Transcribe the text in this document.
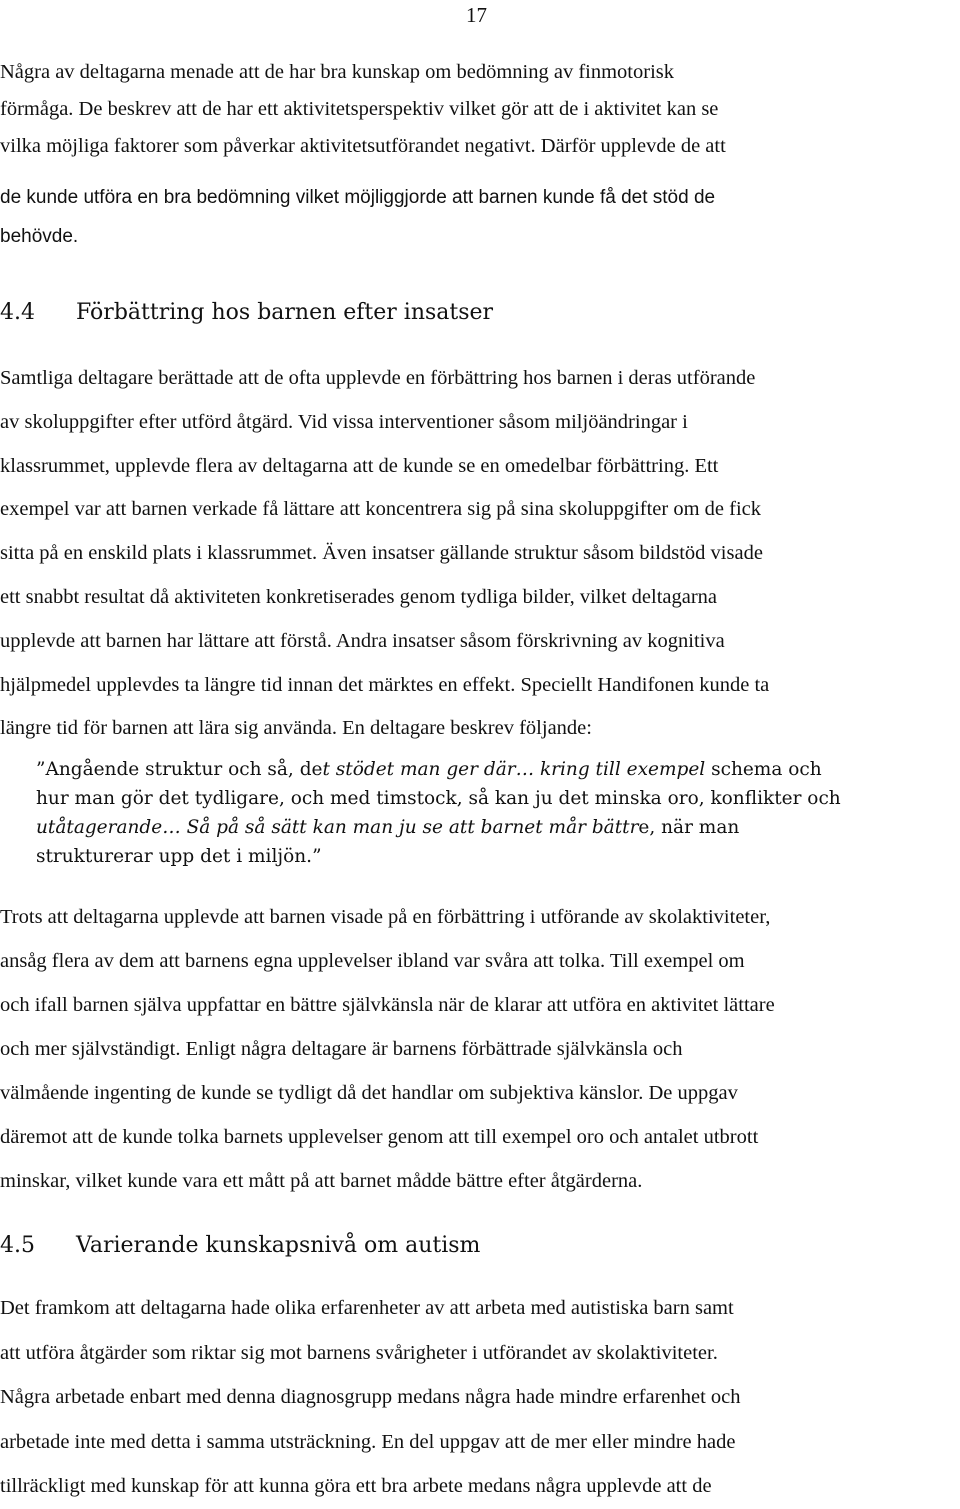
17

Några av deltagarna menade att de har bra kunskap om bedömning av finmotorisk
förmåga. De beskrev att de har ett aktivitetsperspektiv vilket gör att de i aktivitet kan se
vilka möjliga faktorer som påverkar aktivitetsutförandet negativt. Därför upplevde de att

de kunde utföra en bra bedömning vilket möjliggjorde att barnen kunde få det stöd de
behövde.

4.4 Förbättring hos barnen efter insatser

Samtliga deltagare berättade att de ofta upplevde en förbättring hos barnen i deras utförande
av skoluppgifter efter utförd åtgärd. Vid vissa interventioner såsom miljöändringar i
klassrummet, upplevde flera av deltagarna att de kunde se en omedelbar förbättring. Ett
exempel var att barnen verkade få lättare att koncentrera sig på sina skoluppgifter om de fick
sitta på en enskild plats i klassrummet. Även insatser gällande struktur såsom bildstöd visade
ett snabbt resultat då aktiviteten konkretiserades genom tydliga bilder, vilket deltagarna
upplevde att barnen har lättare att förstå. Andra insatser såsom förskrivning av kognitiva
hjälpmedel upplevdes ta längre tid innan det märktes en effekt. Speciellt Handifonen kunde ta
längre tid för barnen att lära sig använda. En deltagare beskrev följande:

”Angående struktur och så, det stödet man ger där… kring till exempel schema och
hur man gör det tydligare, och med timstock, så kan ju det minska oro, konflikter och
utåtagerande… Så på så sätt kan man ju se att barnet mår bättre, när man
strukturerar upp det i miljön.”

Trots att deltagarna upplevde att barnen visade på en förbättring i utförande av skolaktiviteter,
ansåg flera av dem att barnens egna upplevelser ibland var svåra att tolka. Till exempel om
och ifall barnen själva uppfattar en bättre självkänsla när de klarar att utföra en aktivitet lättare
och mer självständigt. Enligt några deltagare är barnens förbättrade självkänsla och
välmående ingenting de kunde se tydligt då det handlar om subjektiva känslor. De uppgav
däremot att de kunde tolka barnets upplevelser genom att till exempel oro och antalet utbrott
minskar, vilket kunde vara ett mått på att barnet mådde bättre efter åtgärderna.

4.5 Varierande kunskapsnivå om autism

Det framkom att deltagarna hade olika erfarenheter av att arbeta med autistiska barn samt
att utföra åtgärder som riktar sig mot barnens svårigheter i utförandet av skolaktiviteter.
Några arbetade enbart med denna diagnosgrupp medans några hade mindre erfarenhet och
arbetade inte med detta i samma utsträckning. En del uppgav att de mer eller mindre hade
tillräckligt med kunskap för att kunna göra ett bra arbete medans några upplevde att de
